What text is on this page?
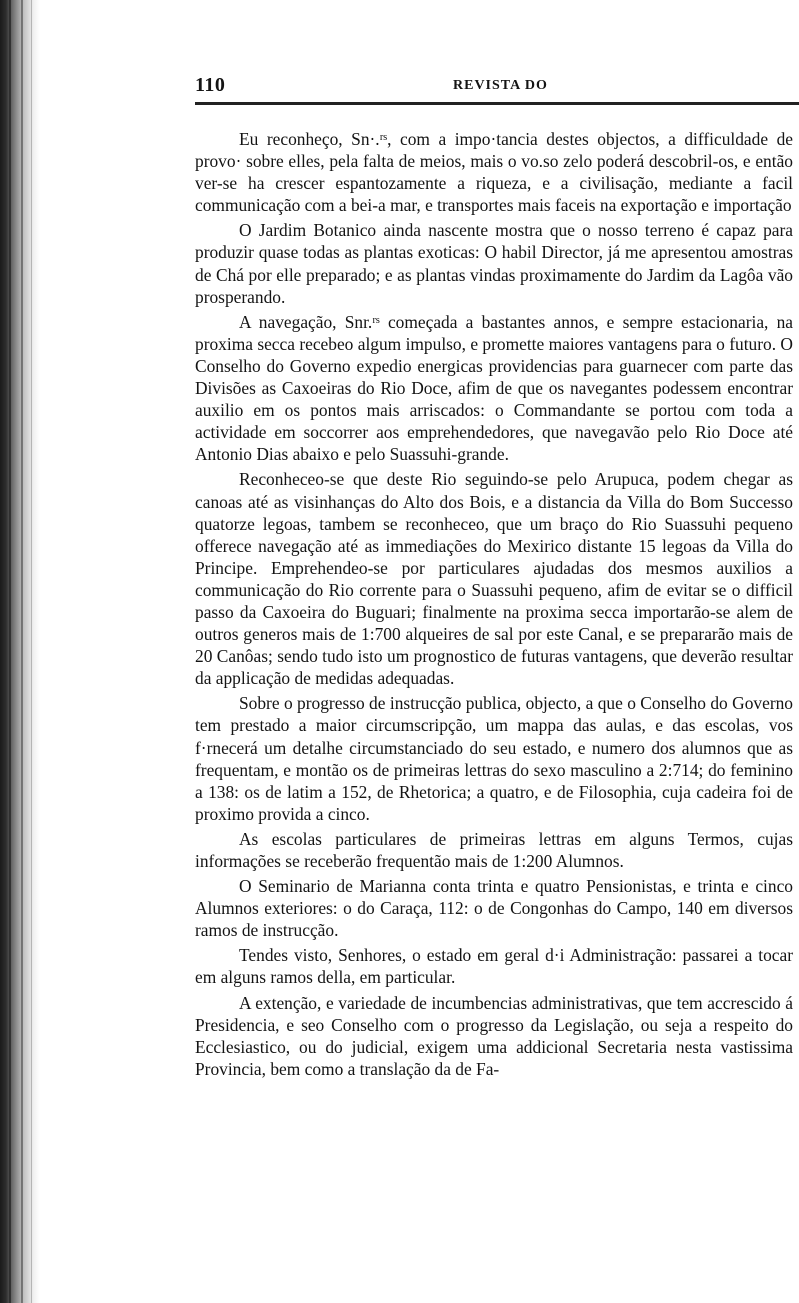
110	REVISTA DO

Eu reconheço, Sn·.ʳˢ, com a impo·tancia destes objectos, a difficuldade de provo· sobre elles, pela falta de meios, mais o vo.so zelo poderá descobril-os, e então ver-se ha crescer espantozamente a riqueza, e a civilisação, mediante a facil communicação com a bei-a mar, e transportes mais faceis na exportação e importação

O Jardim Botanico ainda nascente mostra que o nosso terreno é capaz para produzir quase todas as plantas exoticas: O habil Director, já me apresentou amostras de Chá por elle preparado; e as plantas vindas proximamente do Jardim da Lagôa vão prosperando.

A navegação, Snr.ʳˢ começada a bastantes annos, e sempre estacionaria, na proxima secca recebeo algum impulso, e promette maiores vantagens para o futuro. O Conselho do Governo expedio energicas providencias para guarnecer com parte das Divisões as Caxoeiras do Rio Doce, afim de que os navegantes podessem encontrar auxilio em os pontos mais arriscados: o Commandante se portou com toda a actividade em soccorrer aos emprehendedores, que navegavão pelo Rio Doce até Antonio Dias abaixo e pelo Suassuhi-grande.

Reconheceo-se que deste Rio seguindo-se pelo Arupuca, podem chegar as canoas até as visinhanças do Alto dos Bois, e a distancia da Villa do Bom Successo quatorze legoas, tambem se reconheceo, que um braço do Rio Suassuhi pequeno offerece navegação até as immediações do Mexirico distante 15 legoas da Villa do Principe. Emprehendeo-se por particulares ajudadas dos mesmos auxilios a communicação do Rio corrente para o Suassuhi pequeno, afim de evitar se o difficil passo da Caxoeira do Buguari; finalmente na proxima secca importarão-se alem de outros generos mais de 1:700 alqueires de sal por este Canal, e se prepararão mais de 20 Canôas; sendo tudo isto um prognostico de futuras vantagens, que deverão resultar da applicação de medidas adequadas.

Sobre o progresso de instrucção publica, objecto, a que o Conselho do Governo tem prestado a maior circumscripção, um mappa das aulas, e das escolas, vos f·rnecerá um detalhe circumstanciado do seu estado, e numero dos alumnos que as frequentam, e montão os de primeiras lettras do sexo masculino a 2:714; do feminino a 138: os de latim a 152, de Rhetorica; a quatro, e de Filosophia, cuja cadeira foi de proximo provida a cinco.

As escolas particulares de primeiras lettras em alguns Termos, cujas informações se receberão frequentão mais de 1:200 Alumnos.

O Seminario de Marianna conta trinta e quatro Pensionistas, e trinta e cinco Alumnos exteriores: o do Caraça, 112: o de Congonhas do Campo, 140 em diversos ramos de instrucção.

Tendes visto, Senhores, o estado em geral d·i Administração: passarei a tocar em alguns ramos della, em particular.

A extenção, e variedade de incumbencias administrativas, que tem accrescido á Presidencia, e seo Conselho com o progresso da Legislação, ou seja a respeito do Ecclesiastico, ou do judicial, exigem uma addicional Secretaria nesta vastissima Provincia, bem como a translação da de Fa-
